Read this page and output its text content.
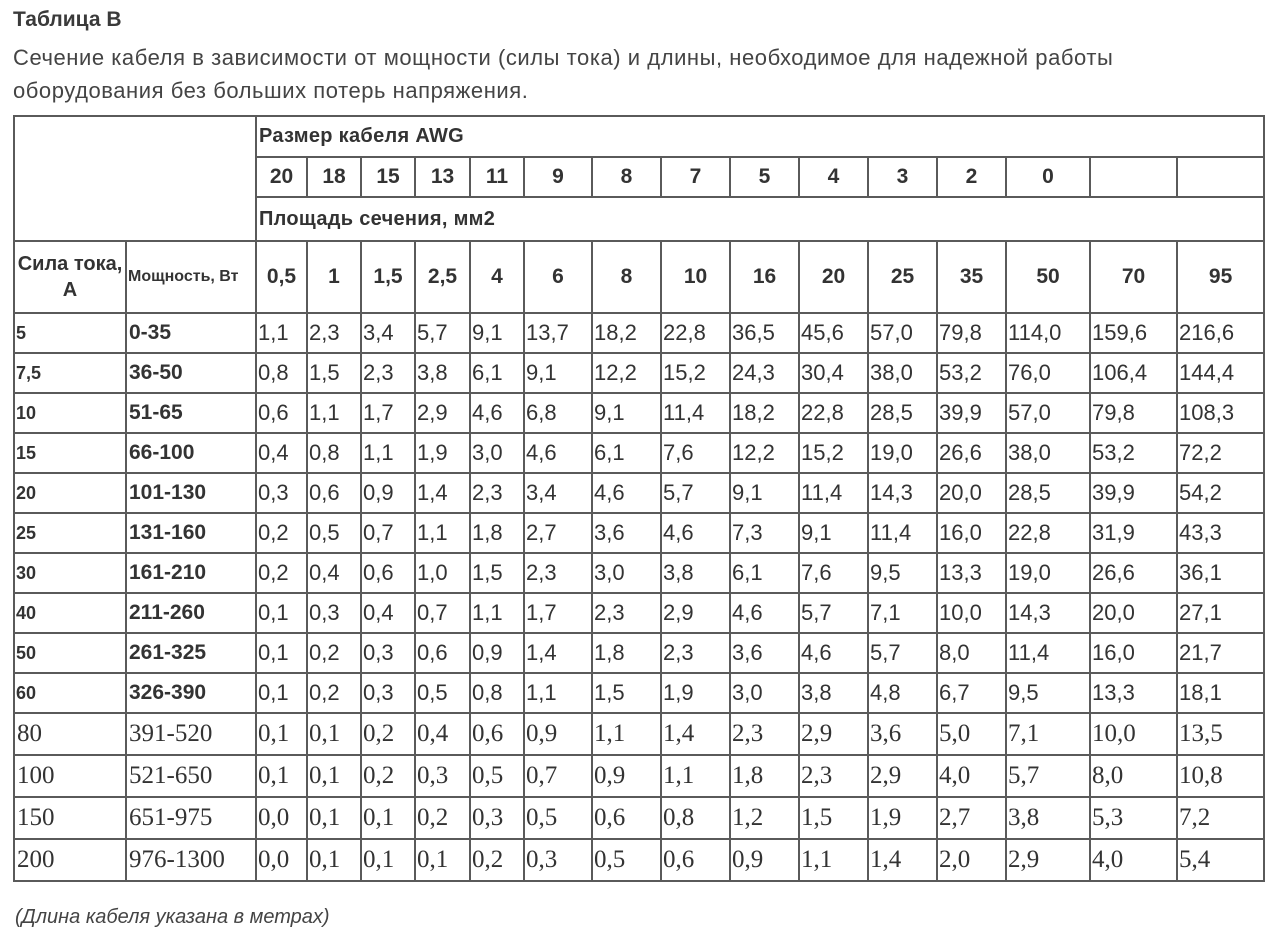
Таблица B
Сечение кабеля в зависимости от мощности (силы тока) и длины, необходимое для надежной работы оборудования без больших потерь напряжения.
		Размер кабеля AWG														
		20	18	15	13	11	9	8	7	5	4	3	2	0		
		Площадь сечения, мм2														
Сила тока, А	Мощность, Вт	0,5	1	1,5	2,5	4	6	8	10	16	20	25	35	50	70	95
5	0-35	1,1	2,3	3,4	5,7	9,1	13,7	18,2	22,8	36,5	45,6	57,0	79,8	114,0	159,6	216,6
7,5	36-50	0,8	1,5	2,3	3,8	6,1	9,1	12,2	15,2	24,3	30,4	38,0	53,2	76,0	106,4	144,4
10	51-65	0,6	1,1	1,7	2,9	4,6	6,8	9,1	11,4	18,2	22,8	28,5	39,9	57,0	79,8	108,3
15	66-100	0,4	0,8	1,1	1,9	3,0	4,6	6,1	7,6	12,2	15,2	19,0	26,6	38,0	53,2	72,2
20	101-130	0,3	0,6	0,9	1,4	2,3	3,4	4,6	5,7	9,1	11,4	14,3	20,0	28,5	39,9	54,2
25	131-160	0,2	0,5	0,7	1,1	1,8	2,7	3,6	4,6	7,3	9,1	11,4	16,0	22,8	31,9	43,3
30	161-210	0,2	0,4	0,6	1,0	1,5	2,3	3,0	3,8	6,1	7,6	9,5	13,3	19,0	26,6	36,1
40	211-260	0,1	0,3	0,4	0,7	1,1	1,7	2,3	2,9	4,6	5,7	7,1	10,0	14,3	20,0	27,1
50	261-325	0,1	0,2	0,3	0,6	0,9	1,4	1,8	2,3	3,6	4,6	5,7	8,0	11,4	16,0	21,7
60	326-390	0,1	0,2	0,3	0,5	0,8	1,1	1,5	1,9	3,0	3,8	4,8	6,7	9,5	13,3	18,1
80	391-520	0,1	0,1	0,2	0,4	0,6	0,9	1,1	1,4	2,3	2,9	3,6	5,0	7,1	10,0	13,5
100	521-650	0,1	0,1	0,2	0,3	0,5	0,7	0,9	1,1	1,8	2,3	2,9	4,0	5,7	8,0	10,8
150	651-975	0,0	0,1	0,1	0,2	0,3	0,5	0,6	0,8	1,2	1,5	1,9	2,7	3,8	5,3	7,2
200	976-1300	0,0	0,1	0,1	0,1	0,2	0,3	0,5	0,6	0,9	1,1	1,4	2,0	2,9	4,0	5,4
(Длина кабеля указана в метрах)
